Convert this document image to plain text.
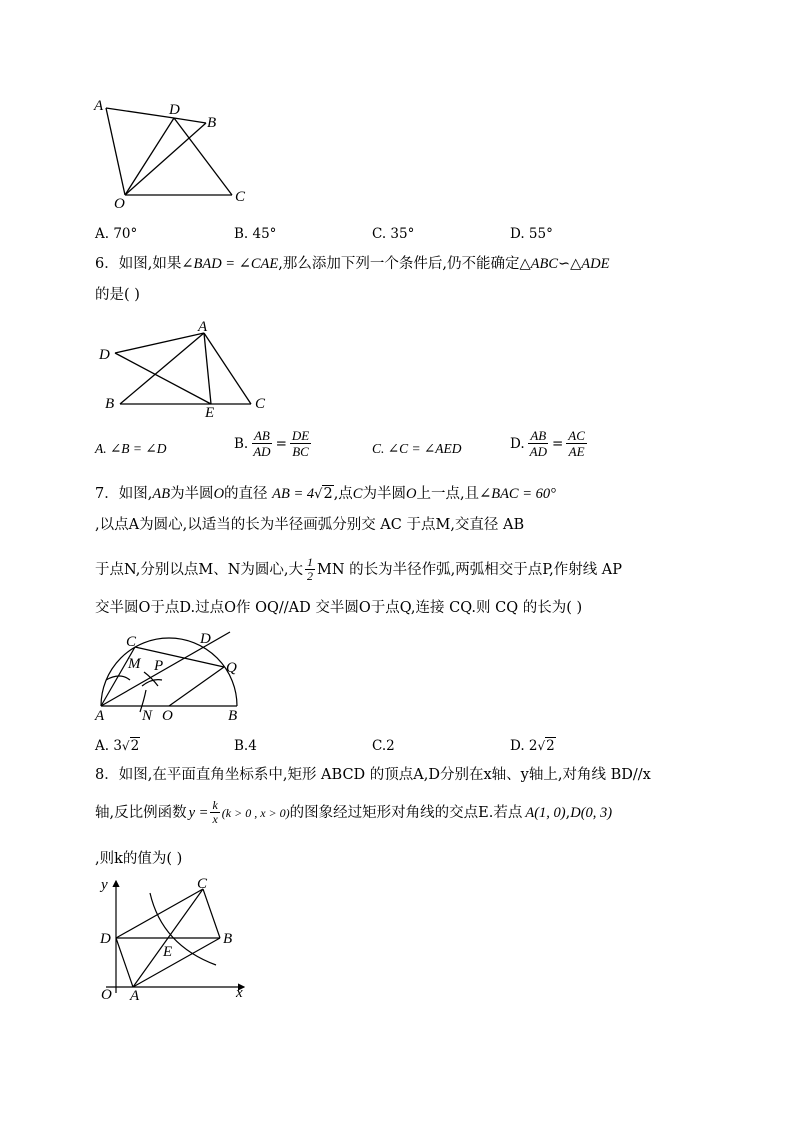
A	D
B
O	C
A. 70°	B. 45°	C. 35°	D. 55°
6．如图,如果∠BAD = ∠CAE,那么添加下列一个条件后,仍不能确定△ABC∽△ADE
的是( )
A
D
B
E
C
A. ∠B = ∠D	B. $\frac{AB}{AD} = \frac{DE}{BC}$	C. ∠C = ∠AED	D. $\frac{AB}{AD} = \frac{AC}{AE}$
7．如图,AB为半圆O的直径 AB = 4√2,点C为半圆O上一点,且∠BAC = 60°
,以点A为圆心,以适当的长为半径画弧分别交 AC 于点M,交直径 AB
于点N,分别以点M、N为圆心,大 $\frac{1}{2}$ MN 的长为半径作弧,两弧相交于点P,作射线 AP
交半圆O于点D.过点O作 OQ//AD 交半圆O于点Q,连接 CQ.则 CQ 的长为( )
C	D
M P	Q
A	N O	B
A. 3√2	B.4	C.2	D. 2√2
8．如图,在平面直角坐标系中,矩形 ABCD 的顶点A,D分别在x轴、y轴上,对角线 BD//x
轴,反比例函数 $y = \frac{k}{x} (k > 0$ , x > 0) 的图象经过矩形对角线的交点E.若点 A(1, 0) , D(0, 3)
,则k的值为( )
y	C
D	B
E
O A	x
